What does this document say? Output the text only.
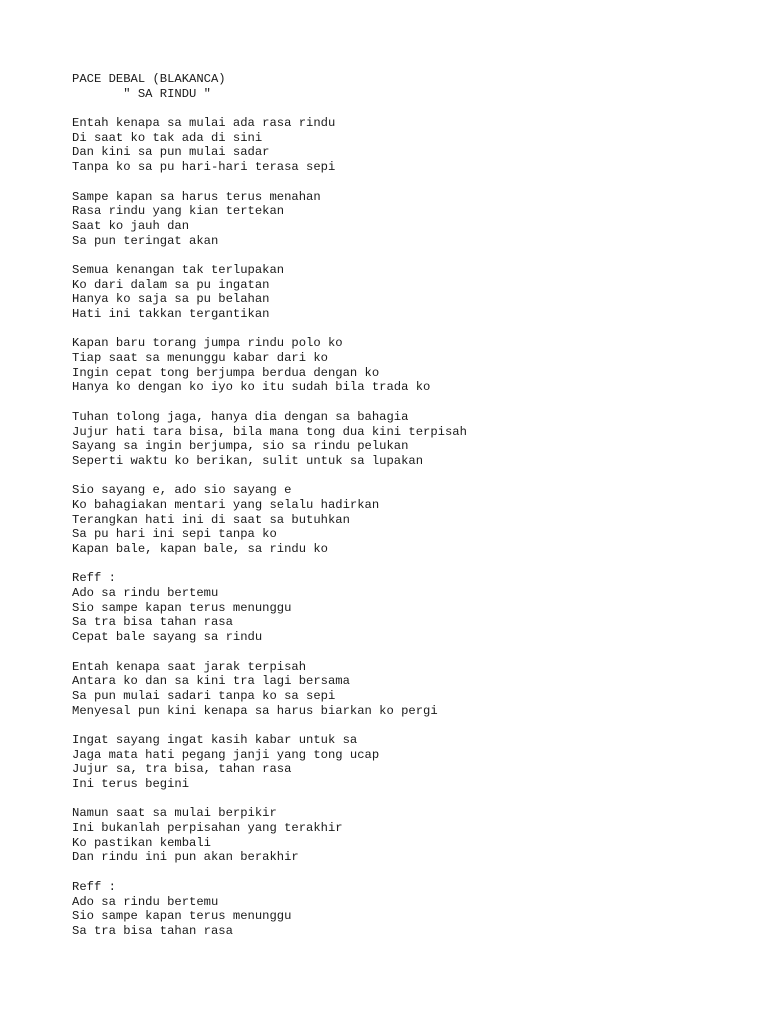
PACE DEBAL (BLAKANCA)
" SA RINDU "
Entah kenapa sa mulai ada rasa rindu
Di saat ko tak ada di sini
Dan kini sa pun mulai sadar
Tanpa ko sa pu hari-hari terasa sepi
Sampe kapan sa harus terus menahan
Rasa rindu yang kian tertekan
Saat ko jauh dan
Sa pun teringat akan
Semua kenangan tak terlupakan
Ko dari dalam sa pu ingatan
Hanya ko saja sa pu belahan
Hati ini takkan tergantikan
Kapan baru torang jumpa rindu polo ko
Tiap saat sa menunggu kabar dari ko
Ingin cepat tong berjumpa berdua dengan ko
Hanya ko dengan ko iyo ko itu sudah bila trada ko
Tuhan tolong jaga, hanya dia dengan sa bahagia
Jujur hati tara bisa, bila mana tong dua kini terpisah
Sayang sa ingin berjumpa, sio sa rindu pelukan
Seperti waktu ko berikan, sulit untuk sa lupakan
Sio sayang e, ado sio sayang e
Ko bahagiakan mentari yang selalu hadirkan
Terangkan hati ini di saat sa butuhkan
Sa pu hari ini sepi tanpa ko
Kapan bale, kapan bale, sa rindu ko
Reff :
Ado sa rindu bertemu
Sio sampe kapan terus menunggu
Sa tra bisa tahan rasa
Cepat bale sayang sa rindu
Entah kenapa saat jarak terpisah
Antara ko dan sa kini tra lagi bersama
Sa pun mulai sadari tanpa ko sa sepi
Menyesal pun kini kenapa sa harus biarkan ko pergi
Ingat sayang ingat kasih kabar untuk sa
Jaga mata hati pegang janji yang tong ucap
Jujur sa, tra bisa, tahan rasa
Ini terus begini
Namun saat sa mulai berpikir
Ini bukanlah perpisahan yang terakhir
Ko pastikan kembali
Dan rindu ini pun akan berakhir
Reff :
Ado sa rindu bertemu
Sio sampe kapan terus menunggu
Sa tra bisa tahan rasa
